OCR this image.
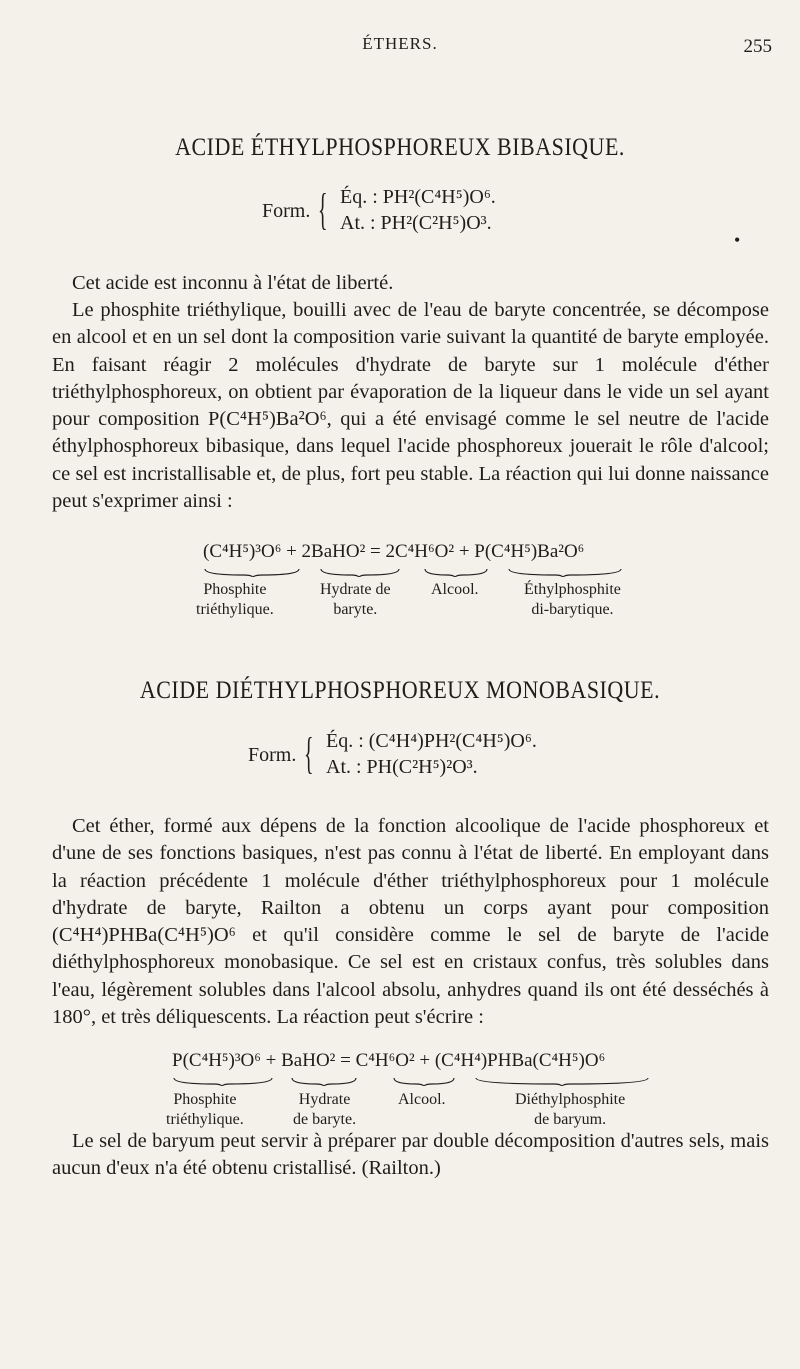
ÉTHERS.	255
ACIDE ÉTHYLPHOSPHOREUX BIBASIQUE.
Form. { Éq. : PH²(C⁴H⁵)O⁶.
At. : PH²(C²H⁵)O³.
•

Cet acide est inconnu à l'état de liberté.

Le phosphite triéthylique, bouilli avec de l'eau de baryte concentrée, se décompose en alcool et en un sel dont la composition varie suivant la quantité de baryte employée. En faisant réagir 2 molécules d'hydrate de baryte sur 1 molécule d'éther triéthylphosphoreux, on obtient par évaporation de la liqueur dans le vide un sel ayant pour composition P(C⁴H⁵)Ba²O⁶, qui a été envisagé comme le sel neutre de l'acide éthylphosphoreux bibasique, dans lequel l'acide phosphoreux jouerait le rôle d'alcool; ce sel est incristallisable et, de plus, fort peu stable. La réaction qui lui donne naissance peut s'exprimer ainsi :

(C⁴H⁵)³O⁶ + 2BaHO² = 2C⁴H⁶O² + P(C⁴H⁵)Ba²O⁶
Phosphite
triéthylique.
Hydrate de
baryte.
Alcool.	Éthylphosphite
di-barytique.
ACIDE DIÉTHYLPHOSPHOREUX MONOBASIQUE.
Form. { Éq. : (C⁴H⁴)PH²(C⁴H⁵)O⁶.
At. : PH(C²H⁵)²O³.

Cet éther, formé aux dépens de la fonction alcoolique de l'acide phosphoreux et d'une de ses fonctions basiques, n'est pas connu à l'état de liberté. En employant dans la réaction précédente 1 molécule d'éther triéthylphosphoreux pour 1 molécule d'hydrate de baryte, Railton a obtenu un corps ayant pour composition (C⁴H⁴)PHBa(C⁴H⁵)O⁶ et qu'il considère comme le sel de baryte de l'acide diéthylphosphoreux monobasique. Ce sel est en cristaux confus, très solubles dans l'eau, légèrement solubles dans l'alcool absolu, anhydres quand ils ont été desséchés à 180°, et très déliquescents. La réaction peut s'écrire :

P(C⁴H⁵)³O⁶ + BaHO² = C⁴H⁶O² + (C⁴H⁴)PHBa(C⁴H⁵)O⁶
Phosphite
triéthylique.
Hydrate
de baryte.
Alcool.	Diéthylphosphite
de baryum.

Le sel de baryum peut servir à préparer par double décomposition d'autres sels, mais aucun d'eux n'a été obtenu cristallisé. (Railton.)
